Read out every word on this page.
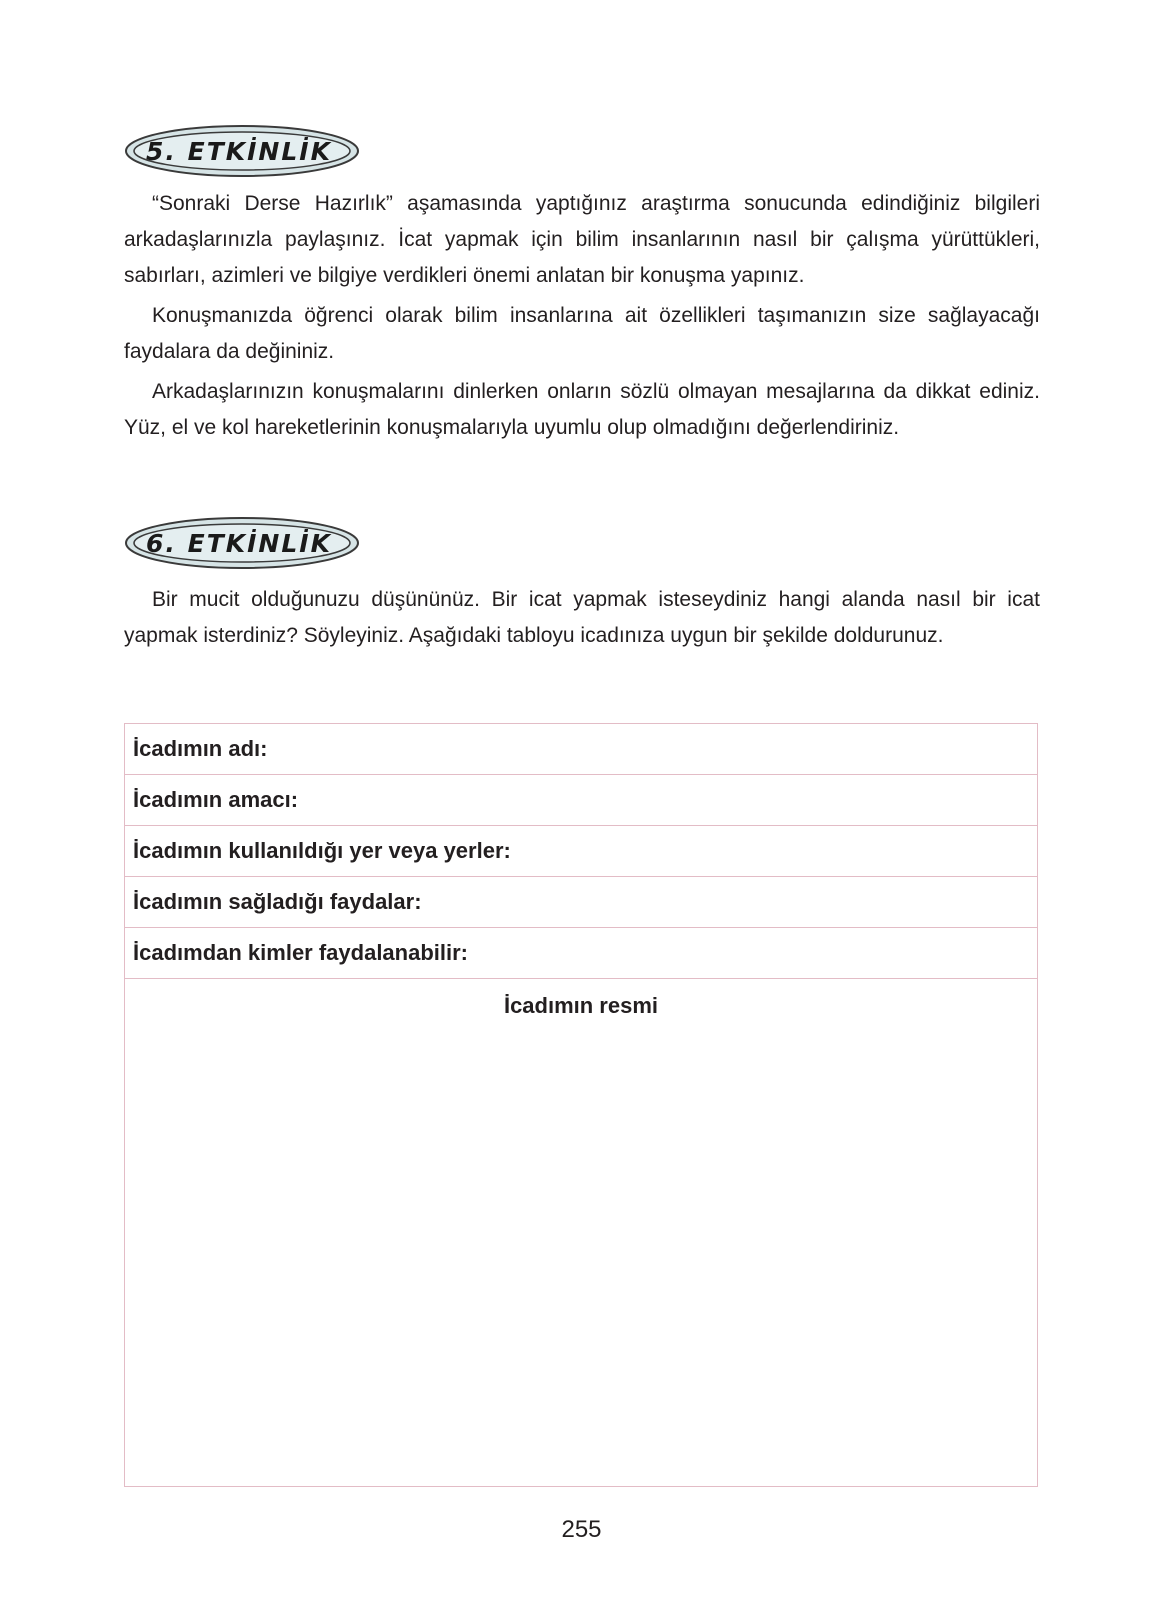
5. ETKİNLİK

“Sonraki Derse Hazırlık” aşamasında yaptığınız araştırma sonucunda edindiğiniz bilgileri arkadaşlarınızla paylaşınız. İcat yapmak için bilim insanlarının nasıl bir çalışma yürüttükleri, sabırları, azimleri ve bilgiye verdikleri önemi anlatan bir konuşma yapınız.

Konuşmanızda öğrenci olarak bilim insanlarına ait özellikleri taşımanızın size sağlayacağı faydalara da değininiz.

Arkadaşlarınızın konuşmalarını dinlerken onların sözlü olmayan mesajlarına da dikkat ediniz. Yüz, el ve kol hareketlerinin konuşmalarıyla uyumlu olup olmadığını değerlendiriniz.

6. ETKİNLİK

Bir mucit olduğunuzu düşününüz. Bir icat yapmak isteseydiniz hangi alanda nasıl bir icat yapmak isterdiniz? Söyleyiniz. Aşağıdaki tabloyu icadınıza uygun bir şekilde doldurunuz.

İcadımın adı:
İcadımın amacı:
İcadımın kullanıldığı yer veya yerler:
İcadımın sağladığı faydalar:
İcadımdan kimler faydalanabilir:
İcadımın resmi
255
